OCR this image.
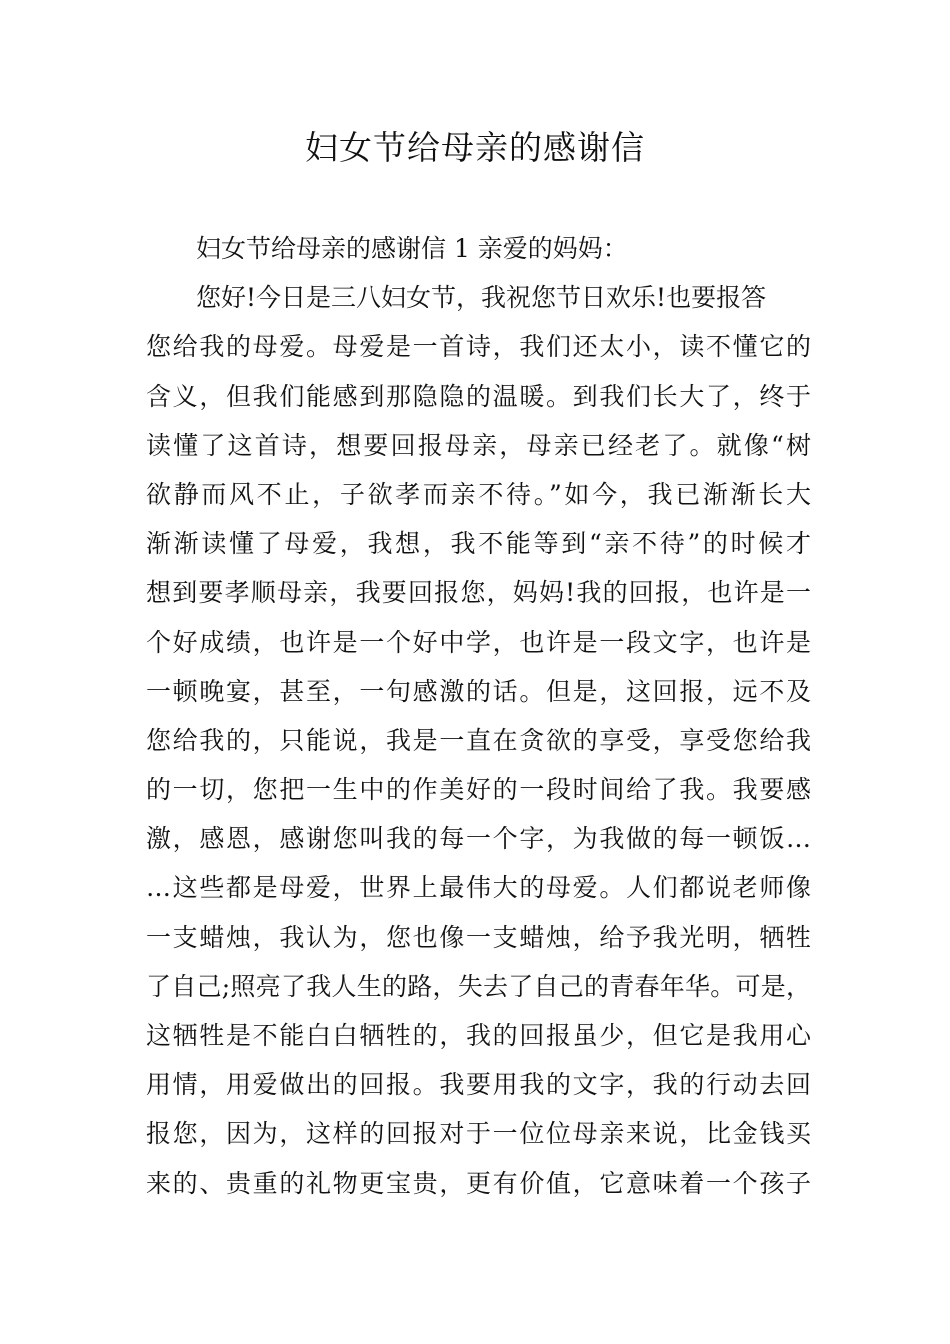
妇女节给母亲的感谢信

妇女节给母亲的感谢信 1 亲爱的妈妈：

您好!今日是三八妇女节，我祝您节日欢乐!也要报答

您给我的母爱。母爱是一首诗，我们还太小，读不懂它的

含义，但我们能感到那隐隐的温暖。到我们长大了，终于

读懂了这首诗，想要回报母亲，母亲已经老了。就像“树

欲静而风不止，子欲孝而亲不待。”如今，我已渐渐长大

渐渐读懂了母爱，我想，我不能等到“亲不待”的时候才

想到要孝顺母亲，我要回报您，妈妈!我的回报，也许是一

个好成绩，也许是一个好中学，也许是一段文字，也许是

一顿晚宴，甚至，一句感激的话。但是，这回报，远不及

您给我的，只能说，我是一直在贪欲的享受，享受您给我

的一切，您把一生中的作美好的一段时间给了我。我要感

激，感恩，感谢您叫我的每一个字，为我做的每一顿饭…

…这些都是母爱，世界上最伟大的母爱。人们都说老师像

一支蜡烛，我认为，您也像一支蜡烛，给予我光明，牺牲

了自己;照亮了我人生的路，失去了自己的青春年华。可是，

这牺牲是不能白白牺牲的，我的回报虽少，但它是我用心

用情，用爱做出的回报。我要用我的文字，我的行动去回

报您，因为，这样的回报对于一位位母亲来说，比金钱买

来的、贵重的礼物更宝贵，更有价值，它意味着一个孩子
